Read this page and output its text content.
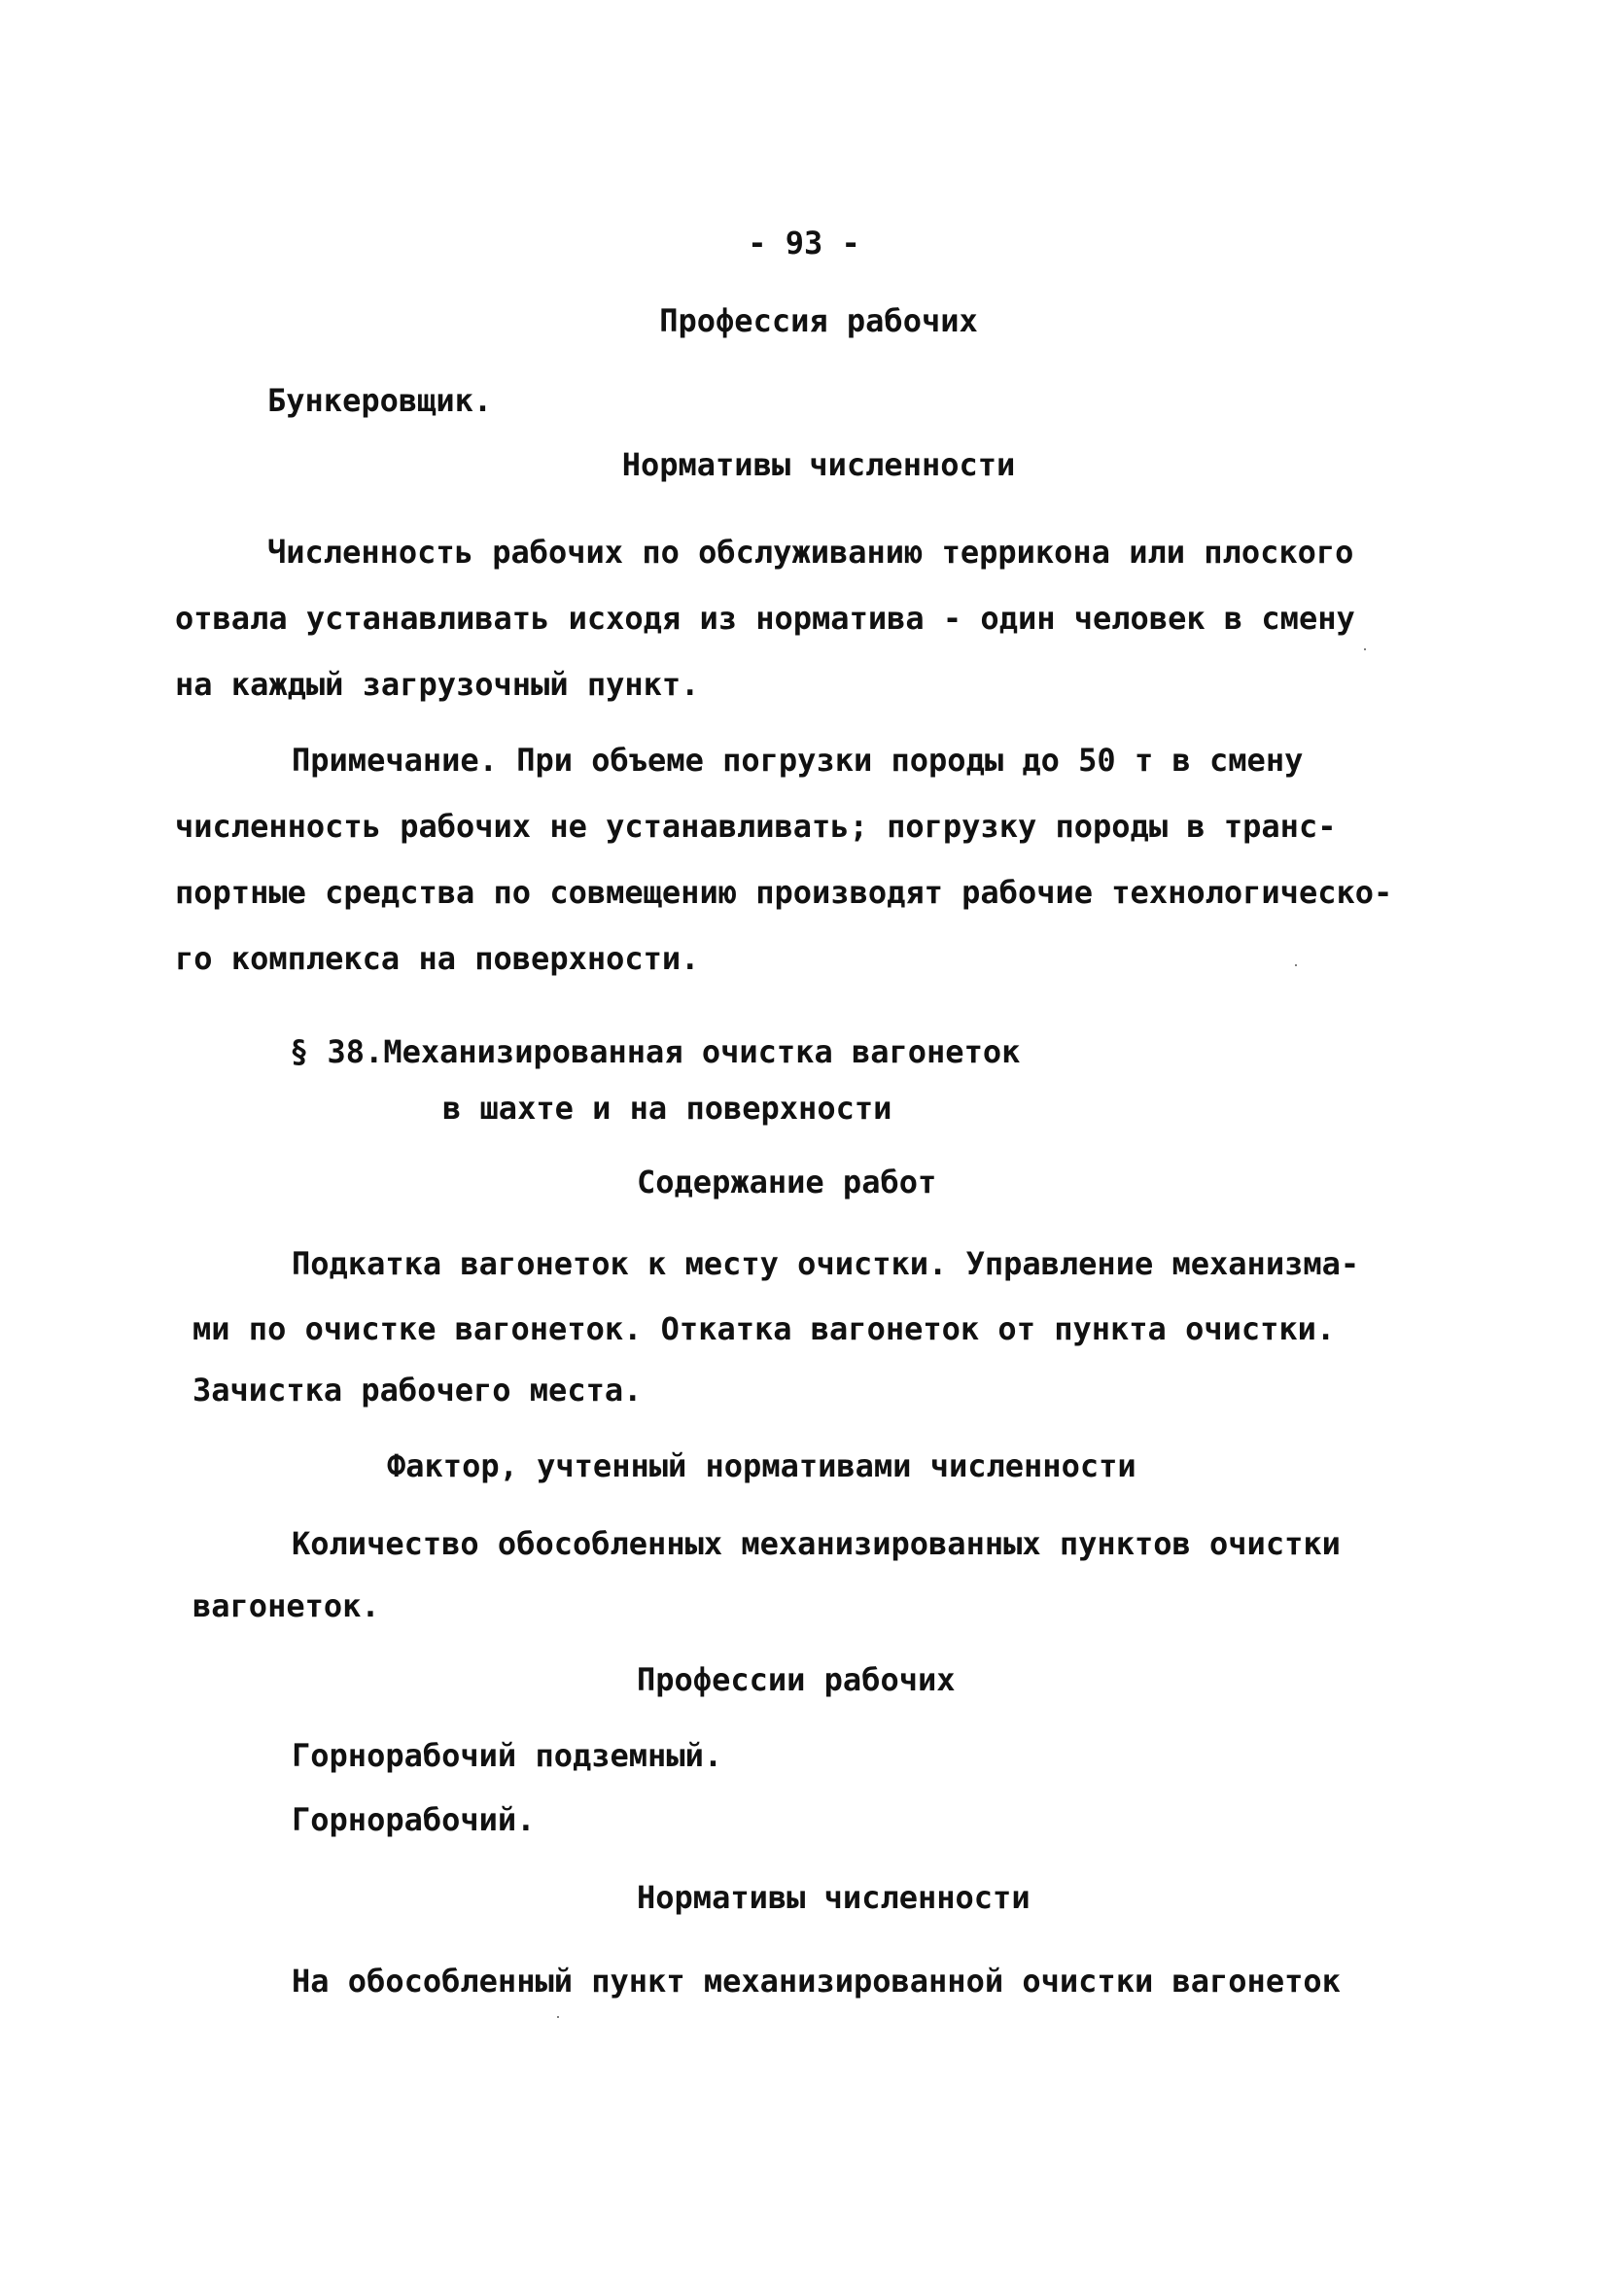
- 93 -
Профессия рабочих
Бункеровщик.
Нормативы численности
Численность рабочих по обслуживанию террикона или плоского
отвала устанавливать исходя из норматива - один человек в смену
на каждый загрузочный пункт.
Примечание. При объеме погрузки породы до 50 т в смену
численность рабочих не устанавливать; погрузку породы в транс-
портные средства по совмещению производят рабочие технологическо-
го комплекса на поверхности.
§ 38.Механизированная очистка вагонеток
в шахте и на поверхности
Содержание работ
Подкатка вагонеток к месту очистки. Управление механизма-
ми по очистке вагонеток. Откатка вагонеток от пункта очистки.
Зачистка рабочего места.
Фактор, учтенный нормативами численности
Количество обособленных механизированных пунктов очистки
вагонеток.
Профессии рабочих
Горнорабочий подземный.
Горнорабочий.
Нормативы численности
На обособленный пункт механизированной очистки вагонеток
